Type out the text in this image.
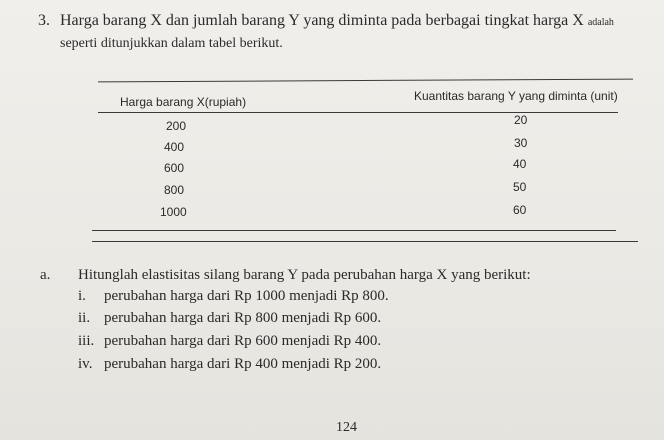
3. Harga barang X dan jumlah barang Y yang diminta pada berbagai tingkat harga X adalah
seperti ditunjukkan dalam tabel berikut.
Harga barang X(rupiah)	Kuantitas barang Y yang diminta (unit)
200	20
400	30
600	40
800	50
1000	60
a. Hitunglah elastisitas silang barang Y pada perubahan harga X yang berikut:
i. perubahan harga dari Rp 1000 menjadi Rp 800.
ii. perubahan harga dari Rp 800 menjadi Rp 600.
iii. perubahan harga dari Rp 600 menjadi Rp 400.
iv. perubahan harga dari Rp 400 menjadi Rp 200.
124
